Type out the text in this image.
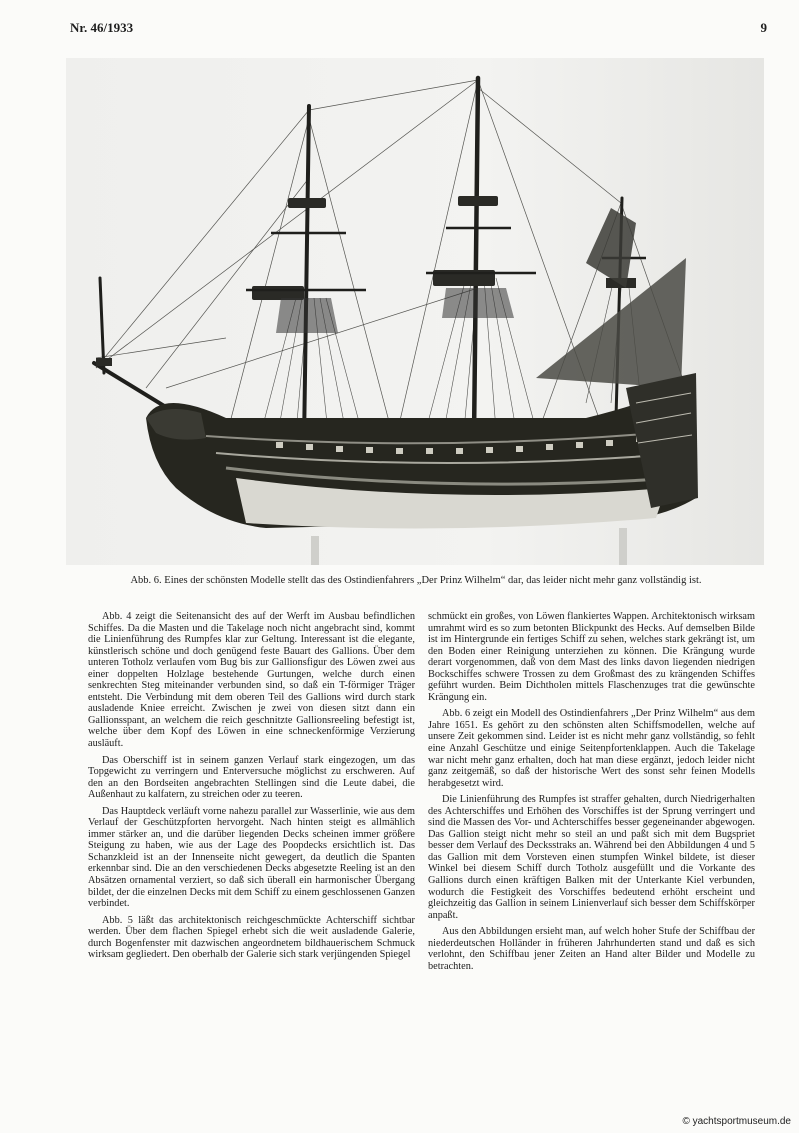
Nr. 46/1933	9
Abb. 6. Eines der schönsten Modelle stellt das des Ostindienfahrers „Der Prinz Wilhelm“ dar, das leider nicht mehr ganz vollständig ist.

Abb. 4 zeigt die Seitenansicht des auf der Werft im Ausbau befindlichen Schiffes. Da die Masten und die Takelage noch nicht angebracht sind, kommt die Linienführung des Rumpfes klar zur Geltung. Interessant ist die elegante, künstlerisch schöne und doch genügend feste Bauart des Gallions. Über dem unteren Totholz verlaufen vom Bug bis zur Gallionsfigur des Löwen zwei aus einer doppelten Holzlage bestehende Gurtungen, welche durch einen senkrechten Steg miteinander verbunden sind, so daß ein T-förmiger Träger entsteht. Die Verbindung mit dem oberen Teil des Gallions wird durch stark ausladende Kniee erreicht. Zwischen je zwei von diesen sitzt dann ein Gallionsspant, an welchem die reich geschnitzte Gallionsreeling befestigt ist, welche über dem Kopf des Löwen in eine schneckenförmige Verzierung ausläuft.

Das Oberschiff ist in seinem ganzen Verlauf stark eingezogen, um das Topgewicht zu verringern und Enterversuche möglichst zu erschweren. Auf den an den Bordseiten angebrachten Stellingen sind die Leute dabei, die Außenhaut zu kalfatern, zu streichen oder zu teeren.

Das Hauptdeck verläuft vorne nahezu parallel zur Wasserlinie, wie aus dem Verlauf der Geschützpforten hervorgeht. Nach hinten steigt es allmählich immer stärker an, und die darüber liegenden Decks scheinen immer größere Steigung zu haben, wie aus der Lage des Poopdecks ersichtlich ist. Das Schanzkleid ist an der Innenseite nicht gewegert, da deutlich die Spanten erkennbar sind. Die an den verschiedenen Decks abgesetzte Reeling ist an den Absätzen ornamental verziert, so daß sich überall ein harmonischer Übergang bildet, der die einzelnen Decks mit dem Schiff zu einem geschlossenen Ganzen verbindet.

Abb. 5 läßt das architektonisch reichgeschmückte Achterschiff sichtbar werden. Über dem flachen Spiegel erhebt sich die weit ausladende Galerie, durch Bogenfenster mit dazwischen angeordnetem bildhauerischem Schmuck wirksam gegliedert. Den oberhalb der Galerie sich stark verjüngenden Spiegel

schmückt ein großes, von Löwen flankiertes Wappen. Architektonisch wirksam umrahmt wird es so zum betonten Blickpunkt des Hecks. Auf demselben Bilde ist im Hintergrunde ein fertiges Schiff zu sehen, welches stark gekrängt ist, um den Boden einer Reinigung unterziehen zu können. Die Krängung wurde derart vorgenommen, daß von dem Mast des links davon liegenden niedrigen Bockschiffes schwere Trossen zu dem Großmast des zu krängenden Schiffes geführt wurden. Beim Dichtholen mittels Flaschenzuges trat die gewünschte Krängung ein.

Abb. 6 zeigt ein Modell des Ostindienfahrers „Der Prinz Wilhelm“ aus dem Jahre 1651. Es gehört zu den schönsten alten Schiffsmodellen, welche auf unsere Zeit gekommen sind. Leider ist es nicht mehr ganz vollständig, so fehlt eine Anzahl Geschütze und einige Seitenpfortenklappen. Auch die Takelage war nicht mehr ganz erhalten, doch hat man diese ergänzt, jedoch leider nicht ganz zeitgemäß, so daß der historische Wert des sonst sehr feinen Modells herabgesetzt wird.

Die Linienführung des Rumpfes ist straffer gehalten, durch Niedrigerhalten des Achterschiffes und Erhöhen des Vorschiffes ist der Sprung verringert und sind die Massen des Vor- und Achterschiffes besser gegeneinander abgewogen. Das Gallion steigt nicht mehr so steil an und paßt sich mit dem Bugspriet besser dem Verlauf des Decksstraks an. Während bei den Abbildungen 4 und 5 das Gallion mit dem Vorsteven einen stumpfen Winkel bildete, ist dieser Winkel bei diesem Schiff durch Totholz ausgefüllt und die Vorkante des Gallions durch einen kräftigen Balken mit der Unterkante Kiel verbunden, wodurch die Festigkeit des Vorschiffes bedeutend erhöht erscheint und gleichzeitig das Gallion in seinem Linienverlauf sich besser dem Schiffskörper anpaßt.

Aus den Abbildungen ersieht man, auf welch hoher Stufe der Schiffbau der niederdeutschen Holländer in früheren Jahrhunderten stand und daß es sich verlohnt, den Schiffbau jener Zeiten an Hand alter Bilder und Modelle zu betrachten.

© yachtsportmuseum.de
